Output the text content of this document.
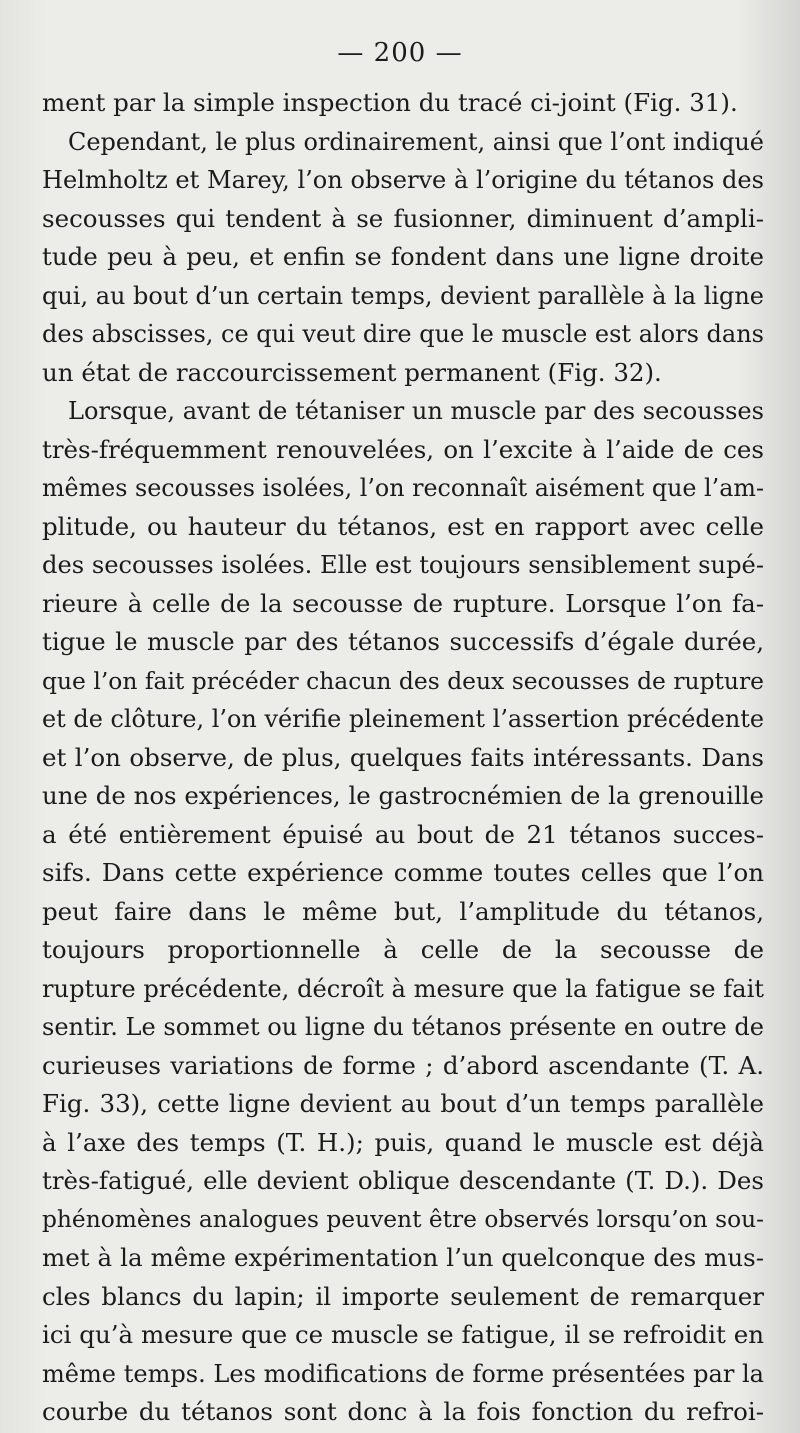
— 200 —
ment par la simple inspection du tracé ci-joint (Fig. 31).
Cependant, le plus ordinairement, ainsi que l’ont indiqué
Helmholtz et Marey, l’on observe à l’origine du tétanos des
secousses qui tendent à se fusionner, diminuent d’ampli-
tude peu à peu, et enfin se fondent dans une ligne droite
qui, au bout d’un certain temps, devient parallèle à la ligne
des abscisses, ce qui veut dire que le muscle est alors dans
un état de raccourcissement permanent (Fig. 32).
Lorsque, avant de tétaniser un muscle par des secousses
très-fréquemment renouvelées, on l’excite à l’aide de ces
mêmes secousses isolées, l’on reconnaît aisément que l’am-
plitude, ou hauteur du tétanos, est en rapport avec celle
des secousses isolées. Elle est toujours sensiblement supé-
rieure à celle de la secousse de rupture. Lorsque l’on fa-
tigue le muscle par des tétanos successifs d’égale durée,
que l’on fait précéder chacun des deux secousses de rupture
et de clôture, l’on vérifie pleinement l’assertion précédente
et l’on observe, de plus, quelques faits intéressants. Dans
une de nos expériences, le gastrocnémien de la grenouille
a été entièrement épuisé au bout de 21 tétanos succes-
sifs. Dans cette expérience comme toutes celles que l’on
peut faire dans le même but, l’amplitude du tétanos,
toujours proportionnelle à celle de la secousse de
rupture précédente, décroît à mesure que la fatigue se fait
sentir. Le sommet ou ligne du tétanos présente en outre de
curieuses variations de forme ; d’abord ascendante (T. A.
Fig. 33), cette ligne devient au bout d’un temps parallèle
à l’axe des temps (T. H.); puis, quand le muscle est déjà
très-fatigué, elle devient oblique descendante (T. D.). Des
phénomènes analogues peuvent être observés lorsqu’on sou-
met à la même expérimentation l’un quelconque des mus-
cles blancs du lapin; il importe seulement de remarquer
ici qu’à mesure que ce muscle se fatigue, il se refroidit en
même temps. Les modifications de forme présentées par la
courbe du tétanos sont donc à la fois fonction du refroi-
